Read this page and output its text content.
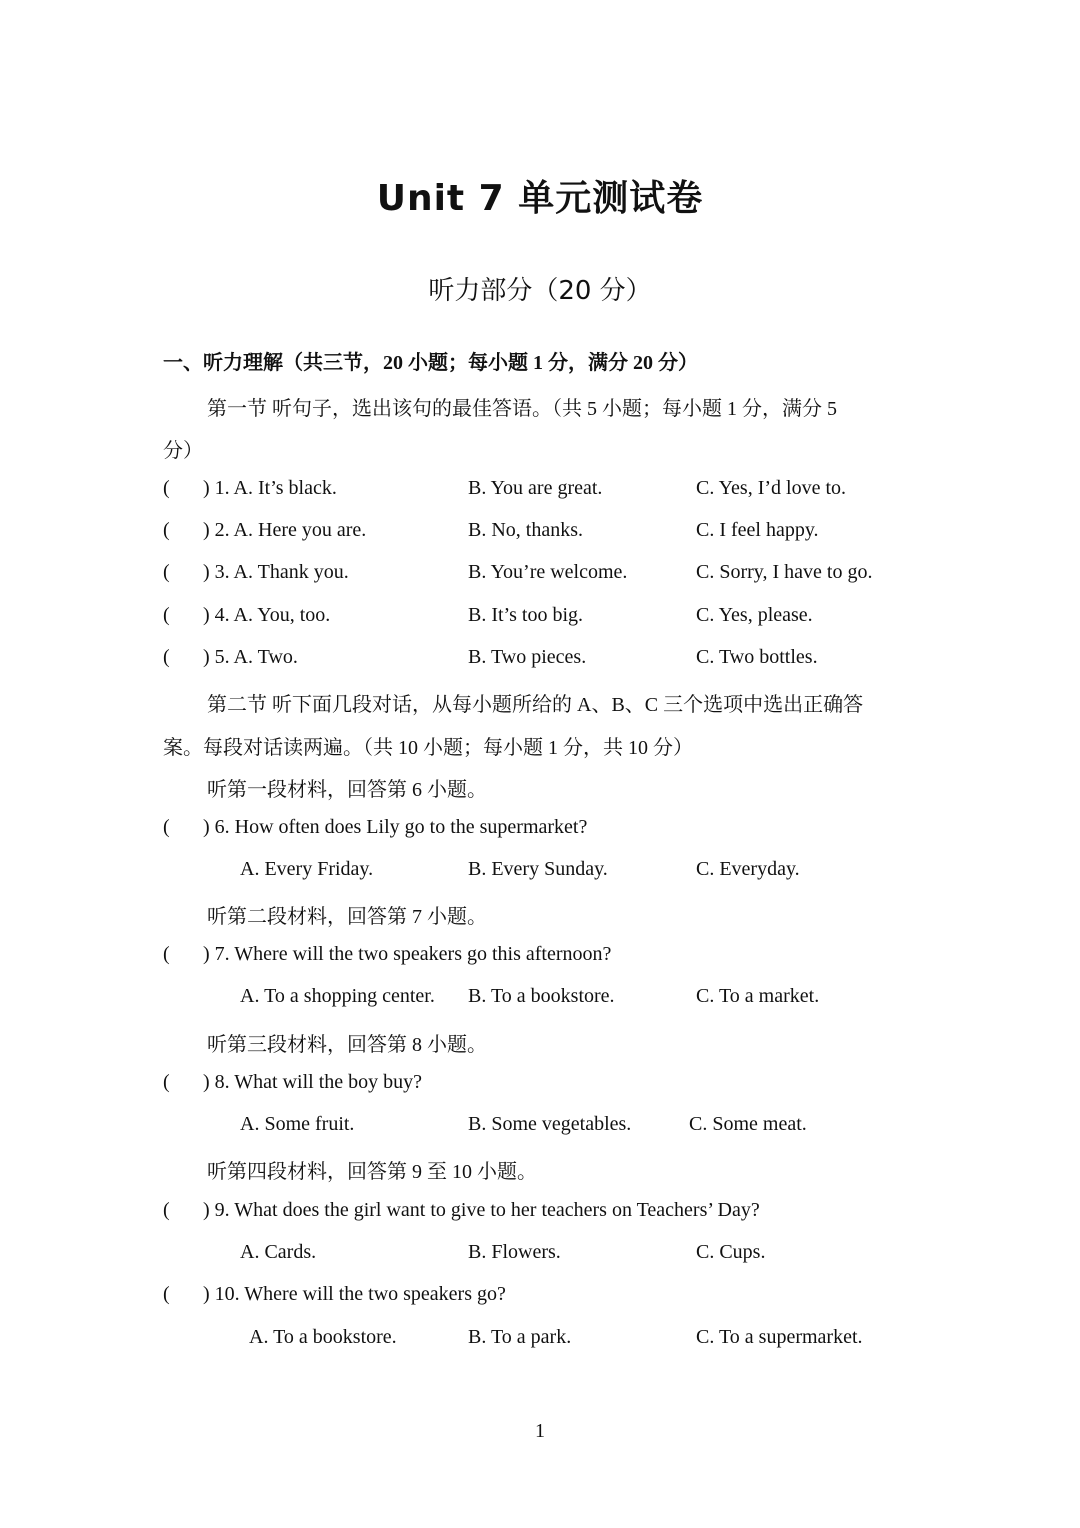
Unit 7 单元测试卷
听力部分（20 分）
一、听力理解（共三节，20 小题；每小题 1 分，满分 20 分）
第一节 听句子，选出该句的最佳答语。（共 5 小题；每小题 1 分，满分 5
分）
( ) 1. A. It’s black.	B. You are great.	C. Yes, I’d love to.
( ) 2. A. Here you are.	B. No, thanks.	C. I feel happy.
( ) 3. A. Thank you.	B. You’re welcome.	C. Sorry, I have to go.
( ) 4. A. You, too.	B. It’s too big.	C. Yes, please.
( ) 5. A. Two.	B. Two pieces.	C. Two bottles.
第二节 听下面几段对话，从每小题所给的 A、B、C 三个选项中选出正确答
案。每段对话读两遍。（共 10 小题；每小题 1 分，共 10 分）
听第一段材料，回答第 6 小题。
( ) 6. How often does Lily go to the supermarket?
A. Every Friday.	B. Every Sunday.	C. Everyday.
听第二段材料，回答第 7 小题。
( ) 7. Where will the two speakers go this afternoon?
A. To a shopping center. B. To a bookstore.	C. To a market.
听第三段材料，回答第 8 小题。
( ) 8. What will the boy buy?
A. Some fruit.	B. Some vegetables.	C. Some meat.
听第四段材料，回答第 9 至 10 小题。
( ) 9. What does the girl want to give to her teachers on Teachers’ Day?
A. Cards.	B. Flowers.	C. Cups.
( ) 10. Where will the two speakers go?
A. To a bookstore.	B. To a park.	C. To a supermarket.
1
